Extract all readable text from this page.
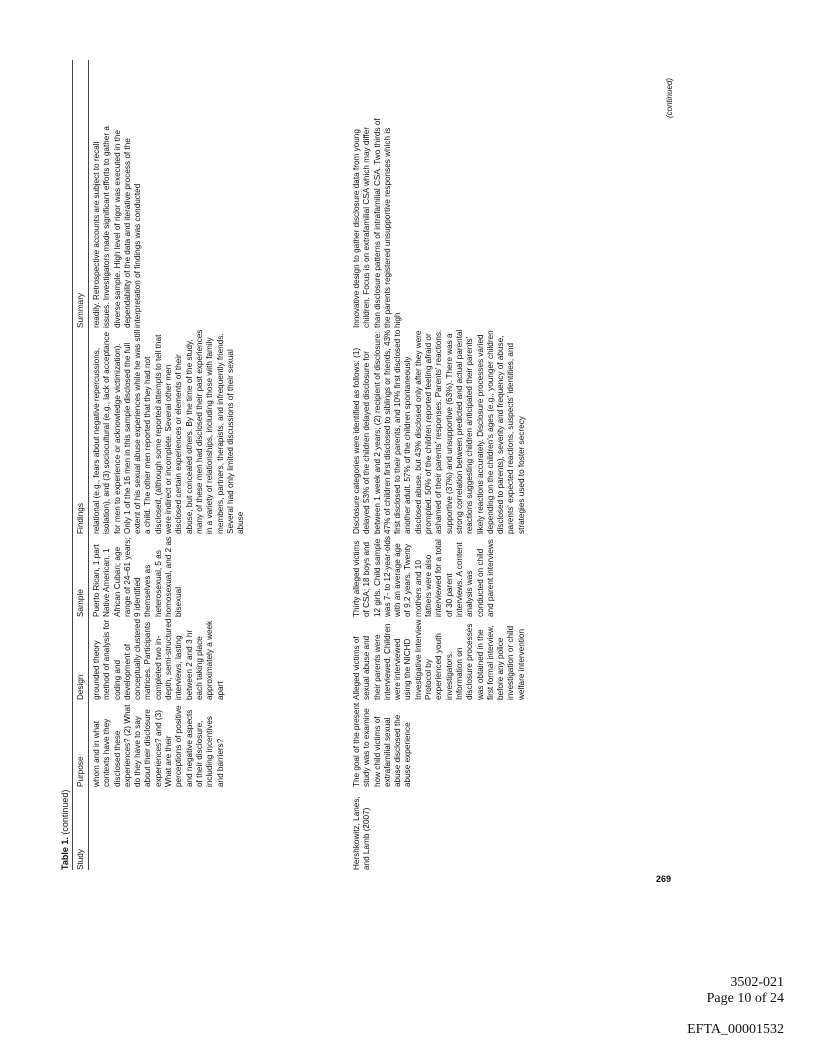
Table 1. (continued)
Study
Purpose
Design
Sample
Findings
Summary
whom and in what contexts have they disclosed these experiences? (2) What do they have to say about their disclosure experiences? and (3) What are their perceptions of positive and negative aspects of their disclosure, including incentives and barriers?
grounded theory method of analysis for coding and development of conceptually clustered matrices. Participants completed two in-depth, semi-structured interviews, lasting between 2 and 3 hr each taking place approximately a week apart
Puerto Rican, 1 part Native American, 1 African Cuban; age range of 24–61 years; 9 identified themselves as heterosexual, 5 as homosexual, and 2 as bisexual
relational (e.g., fears about negative repercussions, isolation), and (3) sociocultural (e.g., lack of acceptance for men to experience or acknowledge victimization). Only 1 of the 16 men in this sample disclosed the full extent of his sexual abuse experiences while he was still a child. The other men reported that they had not disclosed, (although some reported attempts to tell that were indirect or incomplete. Several other men disclosed certain experiences or elements of their abuse, but concealed others. By the time of the study, many of these men had disclosed their past experiences in a variety of relationships, including those with family members, partners, therapists, and infrequently friends. Several had only limited discussions of their sexual abuse
readily. Retrospective accounts are subject to recall issues. Investigators made significant efforts to gather a diverse sample. High level of rigor was executed in the dependability of the data and iterative process of the interpretation of findings was conducted
Hershkowitz, Lanes, and Lamb (2007)
The goal of the present study was to examine how child victims of extrafamilial sexual abuse disclosed the abuse experience
Alleged victims of sexual abuse and their parents were interviewed. Children were interviewed using the NICHD Investigative Interview Protocol by experienced youth investigators. Information on disclosure processes was obtained in the first formal interview, before any police investigation or child welfare intervention
Thirty alleged victims of CSA; 18 boys and 12 girls. Child sample was 7- to 12-year-olds with an average age of 9.2 years. Twenty mothers and 10 fathers were also interviewed for a total of 30 parent interviews. A content analysis was conducted on child and parent interviews
Disclosure categories were identified as follows: (1) delayed 53% of the children delayed disclosure for between 1 week and 2 years; (2) recipient of disclosure: 47% of children first disclosed to siblings or friends, 43% first disclosed to their parents, and 10% first disclosed to another adult. 57% of the children spontaneously disclosed abuse, but 43% disclosed only after they were prompted. 50% of the children reported feeling afraid or ashamed of their parents' responses. Parents' reactions: supportive (37%) and unsupportive (63%). There was a strong correlation between predicted and actual parental reactions suggesting children anticipated their parents' likely reactions accurately. Disclosure processes varied depending on the children's ages (e.g., younger children disclosed to parents), severity and frequency of abuse, parents' expected reactions, suspects' identities, and strategies used to foster secrecy
Innovative design to gather disclosure data from young children. Focus is on extrafamilial CSA which may differ than disclosure patterns of intrafamilial CSA. Two thirds of the parents registered unsupportive responses which is high
(continued)
269
3502-021
Page 10 of 24
EFTA_00001532
